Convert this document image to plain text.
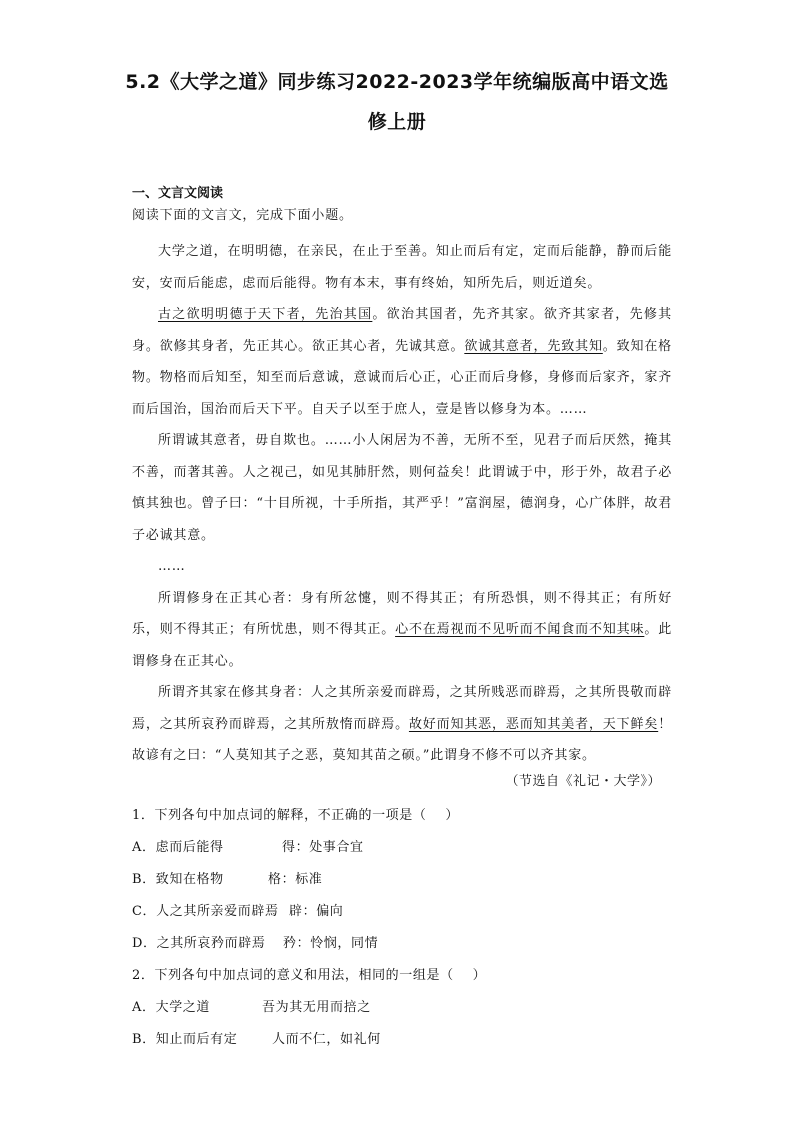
5.2《大学之道》同步练习2022-2023学年统编版高中语文选
修上册
一、文言文阅读
阅读下面的文言文，完成下面小题。

大学之道，在明明德，在亲民，在止于至善。知止而后有定，定而后能静，静而后能安，安而后能虑，虑而后能得。物有本末，事有终始，知所先后，则近道矣。

古之欲明明德于天下者，先治其国。欲治其国者，先齐其家。欲齐其家者，先修其身。欲修其身者，先正其心。欲正其心者，先诚其意。欲诚其意者，先致其知。致知在格物。物格而后知至，知至而后意诚，意诚而后心正，心正而后身修，身修而后家齐，家齐而后国治，国治而后天下平。自天子以至于庶人，壹是皆以修身为本。……

所谓诚其意者，毋自欺也。……小人闲居为不善，无所不至，见君子而后厌然，掩其不善，而著其善。人之视己，如见其肺肝然，则何益矣！此谓诚于中，形于外，故君子必慎其独也。曾子曰：“十目所视，十手所指，其严乎！”富润屋，德润身，心广体胖，故君子必诚其意。

……

所谓修身在正其心者：身有所忿懥，则不得其正；有所恐惧，则不得其正；有所好乐，则不得其正；有所忧患，则不得其正。心不在焉视而不见听而不闻食而不知其味。此谓修身在正其心。

所谓齐其家在修其身者：人之其所亲爱而辟焉，之其所贱恶而辟焉，之其所畏敬而辟焉，之其所哀矜而辟焉，之其所敖惰而辟焉。故好而知其恶，恶而知其美者，天下鲜矣！故谚有之曰：“人莫知其子之恶，莫知其苗之硕。”此谓身不修不可以齐其家。

（节选自《礼记・大学》）
1．下列各句中加点词的解释，不正确的一项是（    ）
A．虑而后能得	得：处事合宜
B．致知在格物	格：标准
C．人之其所亲爱而辟焉 辟：偏向
D．之其所哀矜而辟焉 矜：怜悯，同情
2．下列各句中加点词的意义和用法，相同的一组是（    ）
A．大学之道	吾为其无用而掊之
B．知止而后有定	人而不仁，如礼何
